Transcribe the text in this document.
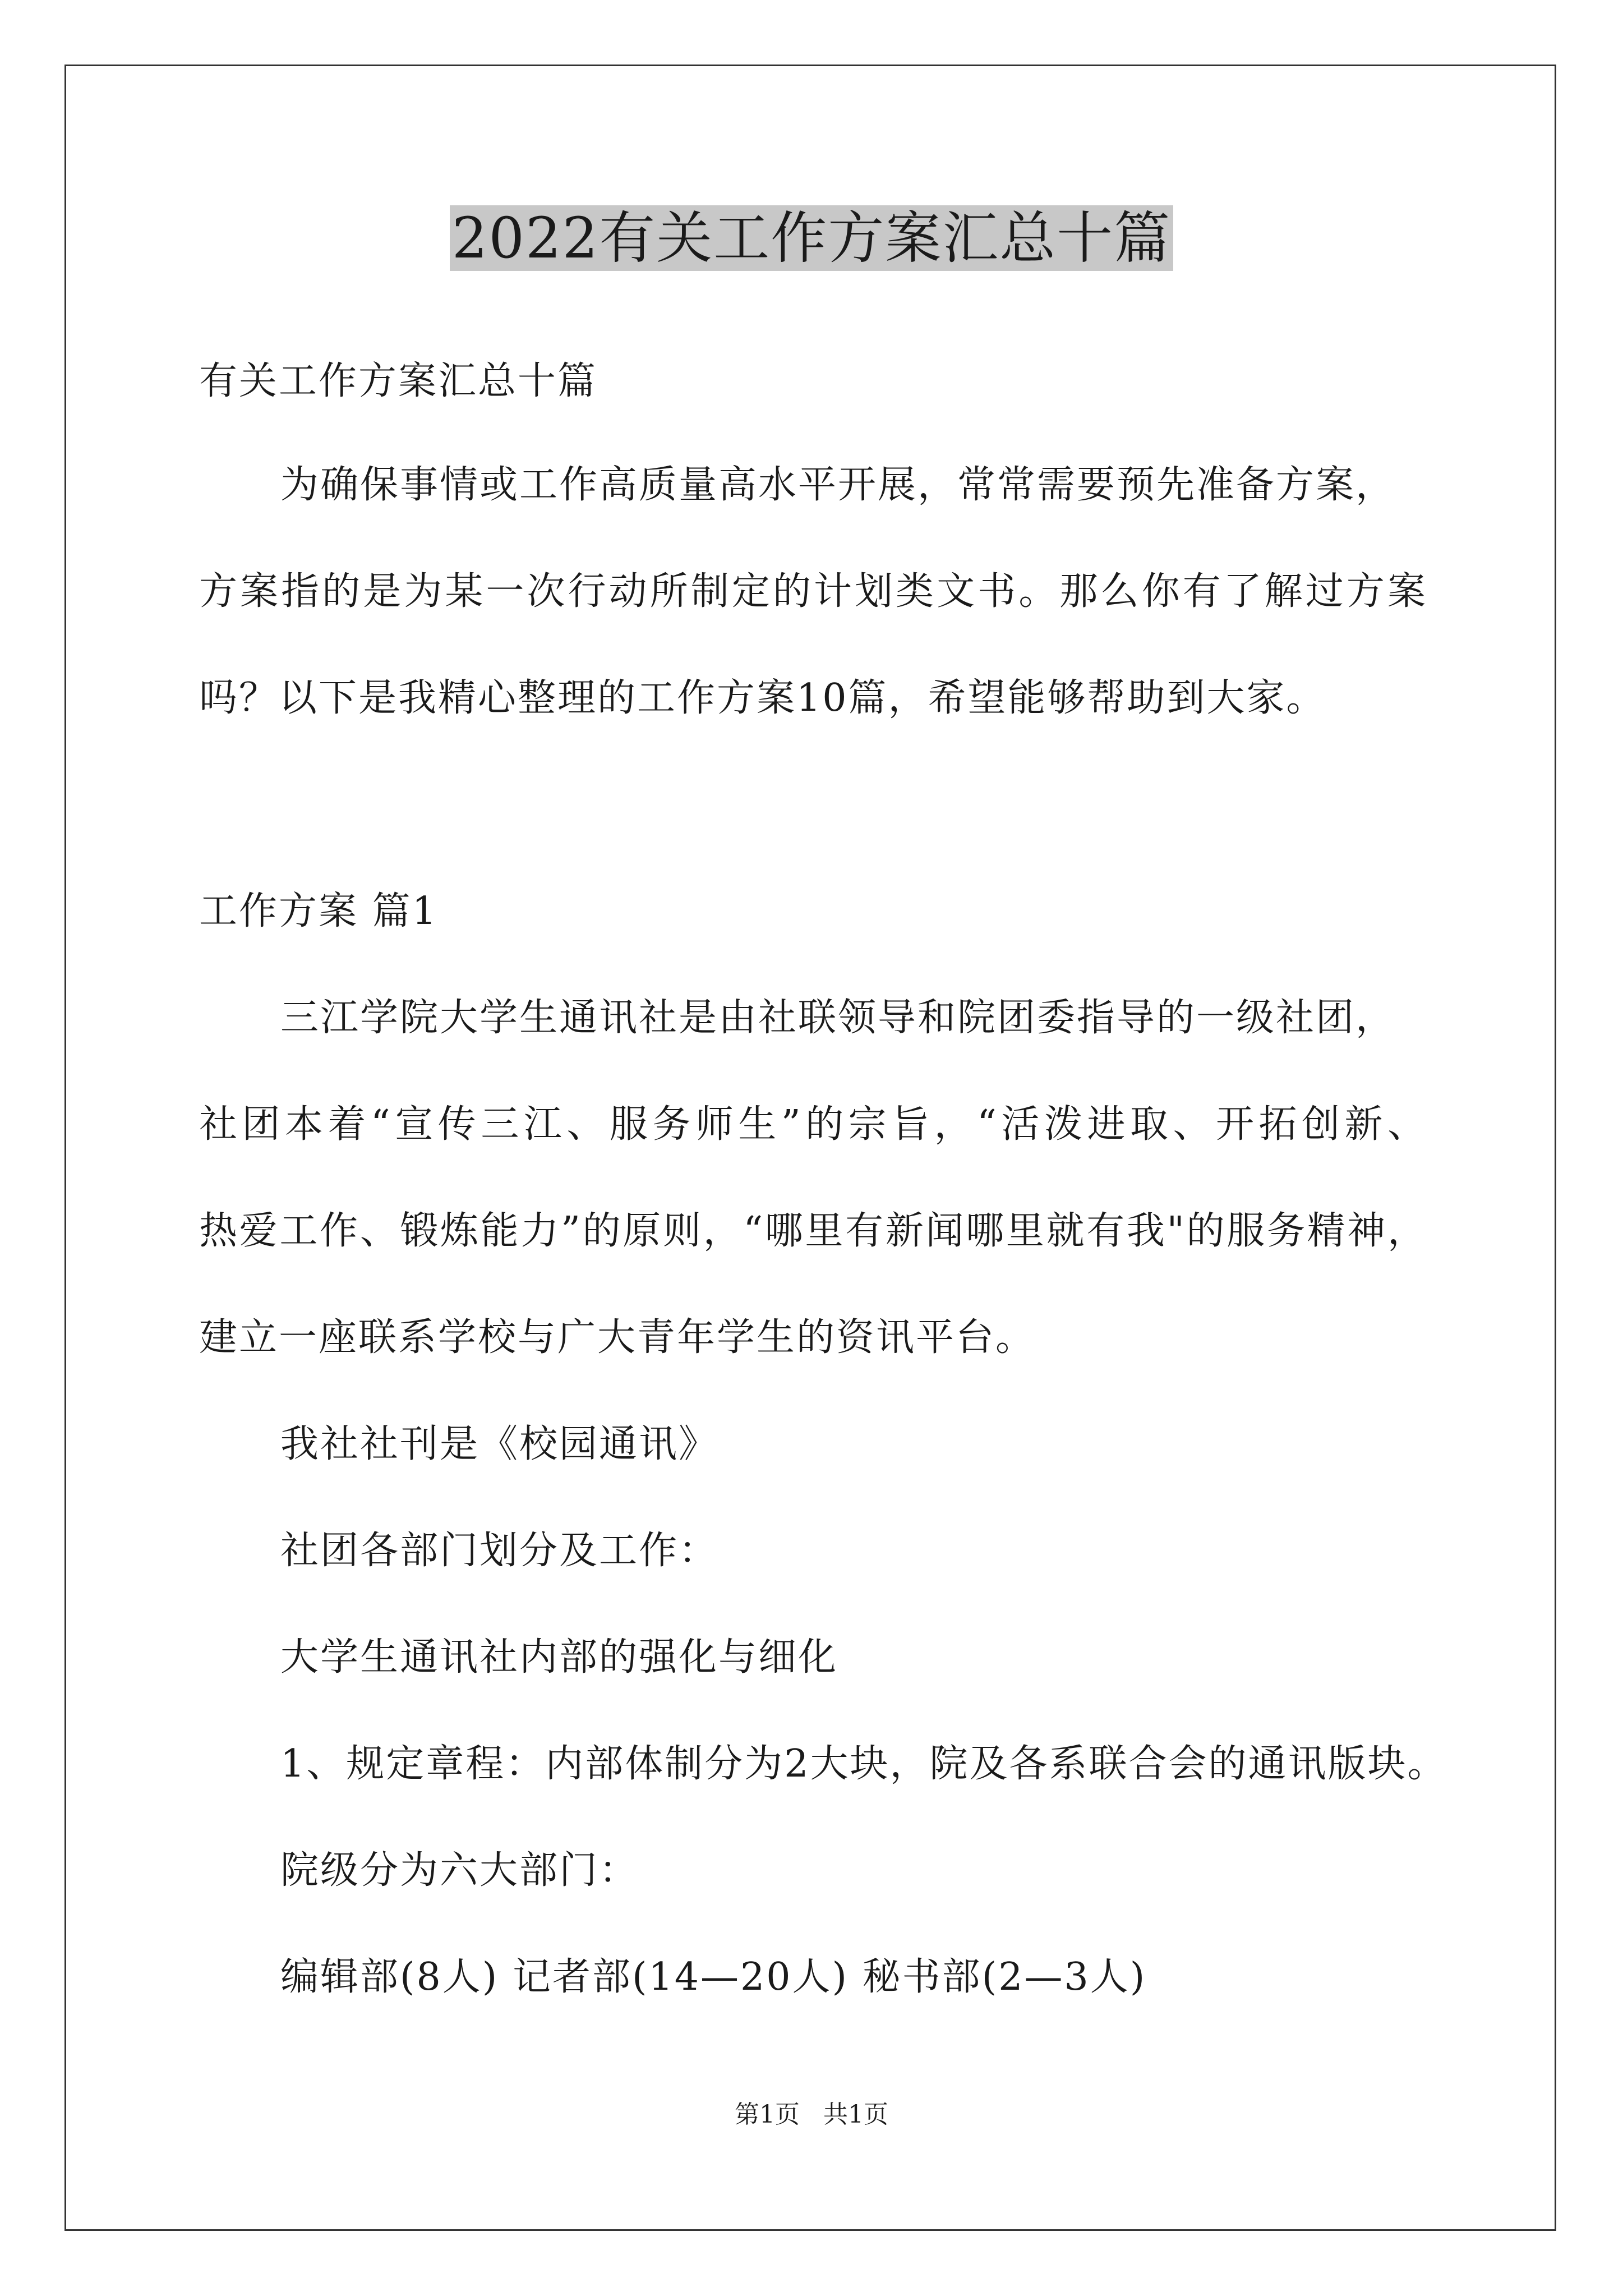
2022有关工作方案汇总十篇
有关工作方案汇总十篇
为确保事情或工作高质量高水平开展，常常需要预先准备方案，
方案指的是为某一次行动所制定的计划类文书。那么你有了解过方案
吗？以下是我精心整理的工作方案10篇，希望能够帮助到大家。
工作方案 篇1
三江学院大学生通讯社是由社联领导和院团委指导的一级社团，
社团本着“宣传三江、服务师生”的宗旨，“活泼进取、开拓创新、
热爱工作、锻炼能力”的原则，“哪里有新闻哪里就有我"的服务精神，
建立一座联系学校与广大青年学生的资讯平台。
我社社刊是《校园通讯》
社团各部门划分及工作：
大学生通讯社内部的强化与细化
1、规定章程：内部体制分为2大块，院及各系联合会的通讯版块。
院级分为六大部门：
编辑部(8人) 记者部(14—20人) 秘书部(2—3人)
第1页 共1页
